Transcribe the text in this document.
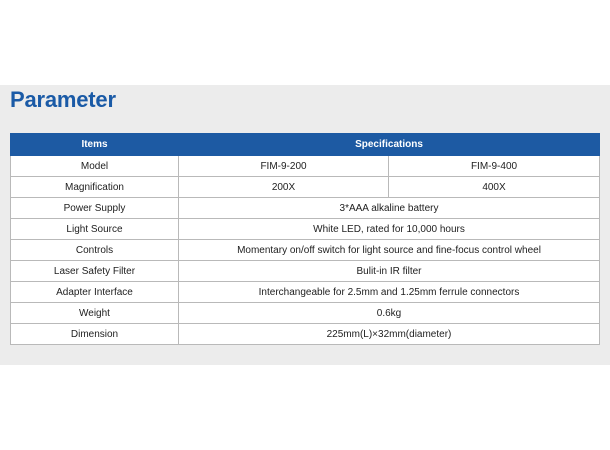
Parameter
Items	Specifications	
Model	FIM-9-200	FIM-9-400
Magnification	200X	400X
Power Supply	3*AAA alkaline battery	
Light Source	White LED, rated for 10,000 hours	
Controls	Momentary on/off switch for light source and fine-focus control wheel	
Laser Safety Filter	Bulit-in IR filter	
Adapter Interface	Interchangeable for 2.5mm and 1.25mm ferrule connectors	
Weight	0.6kg	
Dimension	225mm(L)×32mm(diameter)	
